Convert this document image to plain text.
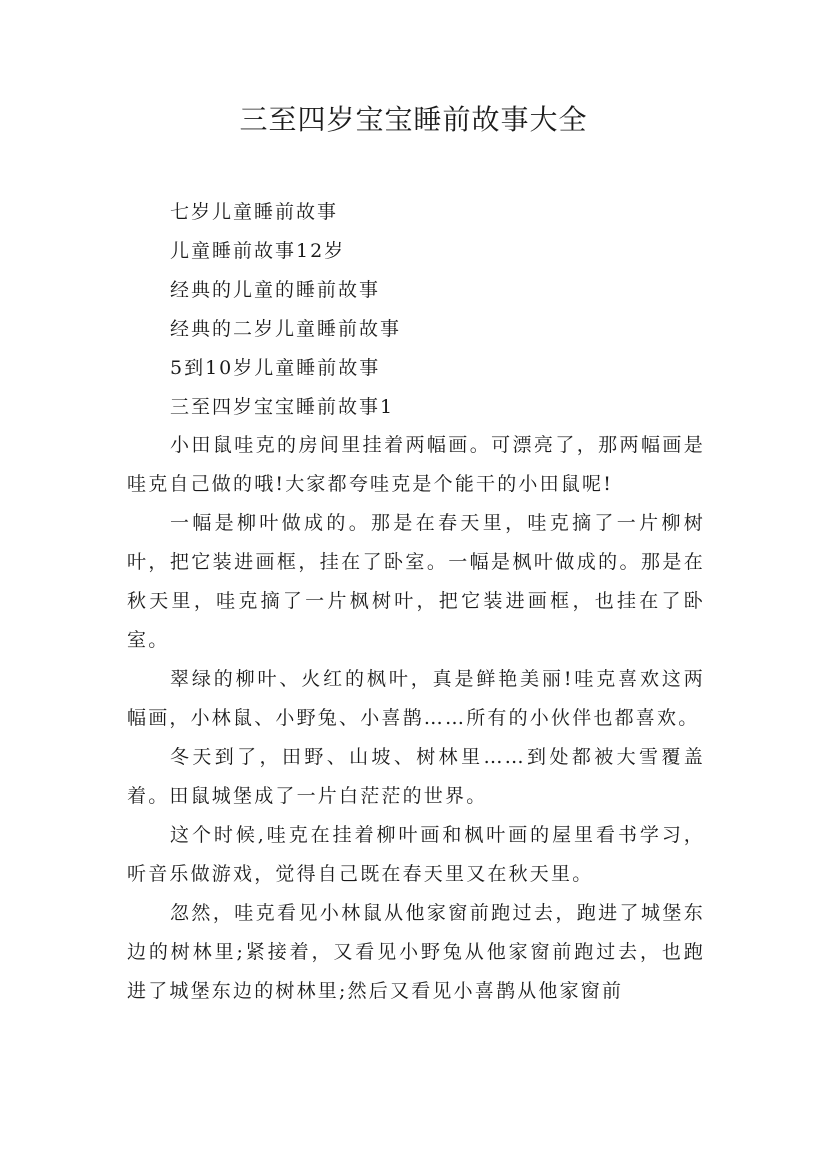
三至四岁宝宝睡前故事大全
七岁儿童睡前故事
儿童睡前故事12岁
经典的儿童的睡前故事
经典的二岁儿童睡前故事
5到10岁儿童睡前故事
三至四岁宝宝睡前故事1

小田鼠哇克的房间里挂着两幅画。可漂亮了，那两幅画是哇克自己做的哦!大家都夸哇克是个能干的小田鼠呢!

一幅是柳叶做成的。那是在春天里，哇克摘了一片柳树叶，把它装进画框，挂在了卧室。一幅是枫叶做成的。那是在秋天里，哇克摘了一片枫树叶，把它装进画框，也挂在了卧室。

翠绿的柳叶、火红的枫叶，真是鲜艳美丽!哇克喜欢这两幅画，小林鼠、小野兔、小喜鹊……所有的小伙伴也都喜欢。

冬天到了，田野、山坡、树林里……到处都被大雪覆盖着。田鼠城堡成了一片白茫茫的世界。

这个时候,哇克在挂着柳叶画和枫叶画的屋里看书学习，听音乐做游戏，觉得自己既在春天里又在秋天里。

忽然，哇克看见小林鼠从他家窗前跑过去，跑进了城堡东边的树林里;紧接着，又看见小野兔从他家窗前跑过去，也跑进了城堡东边的树林里;然后又看见小喜鹊从他家窗前
